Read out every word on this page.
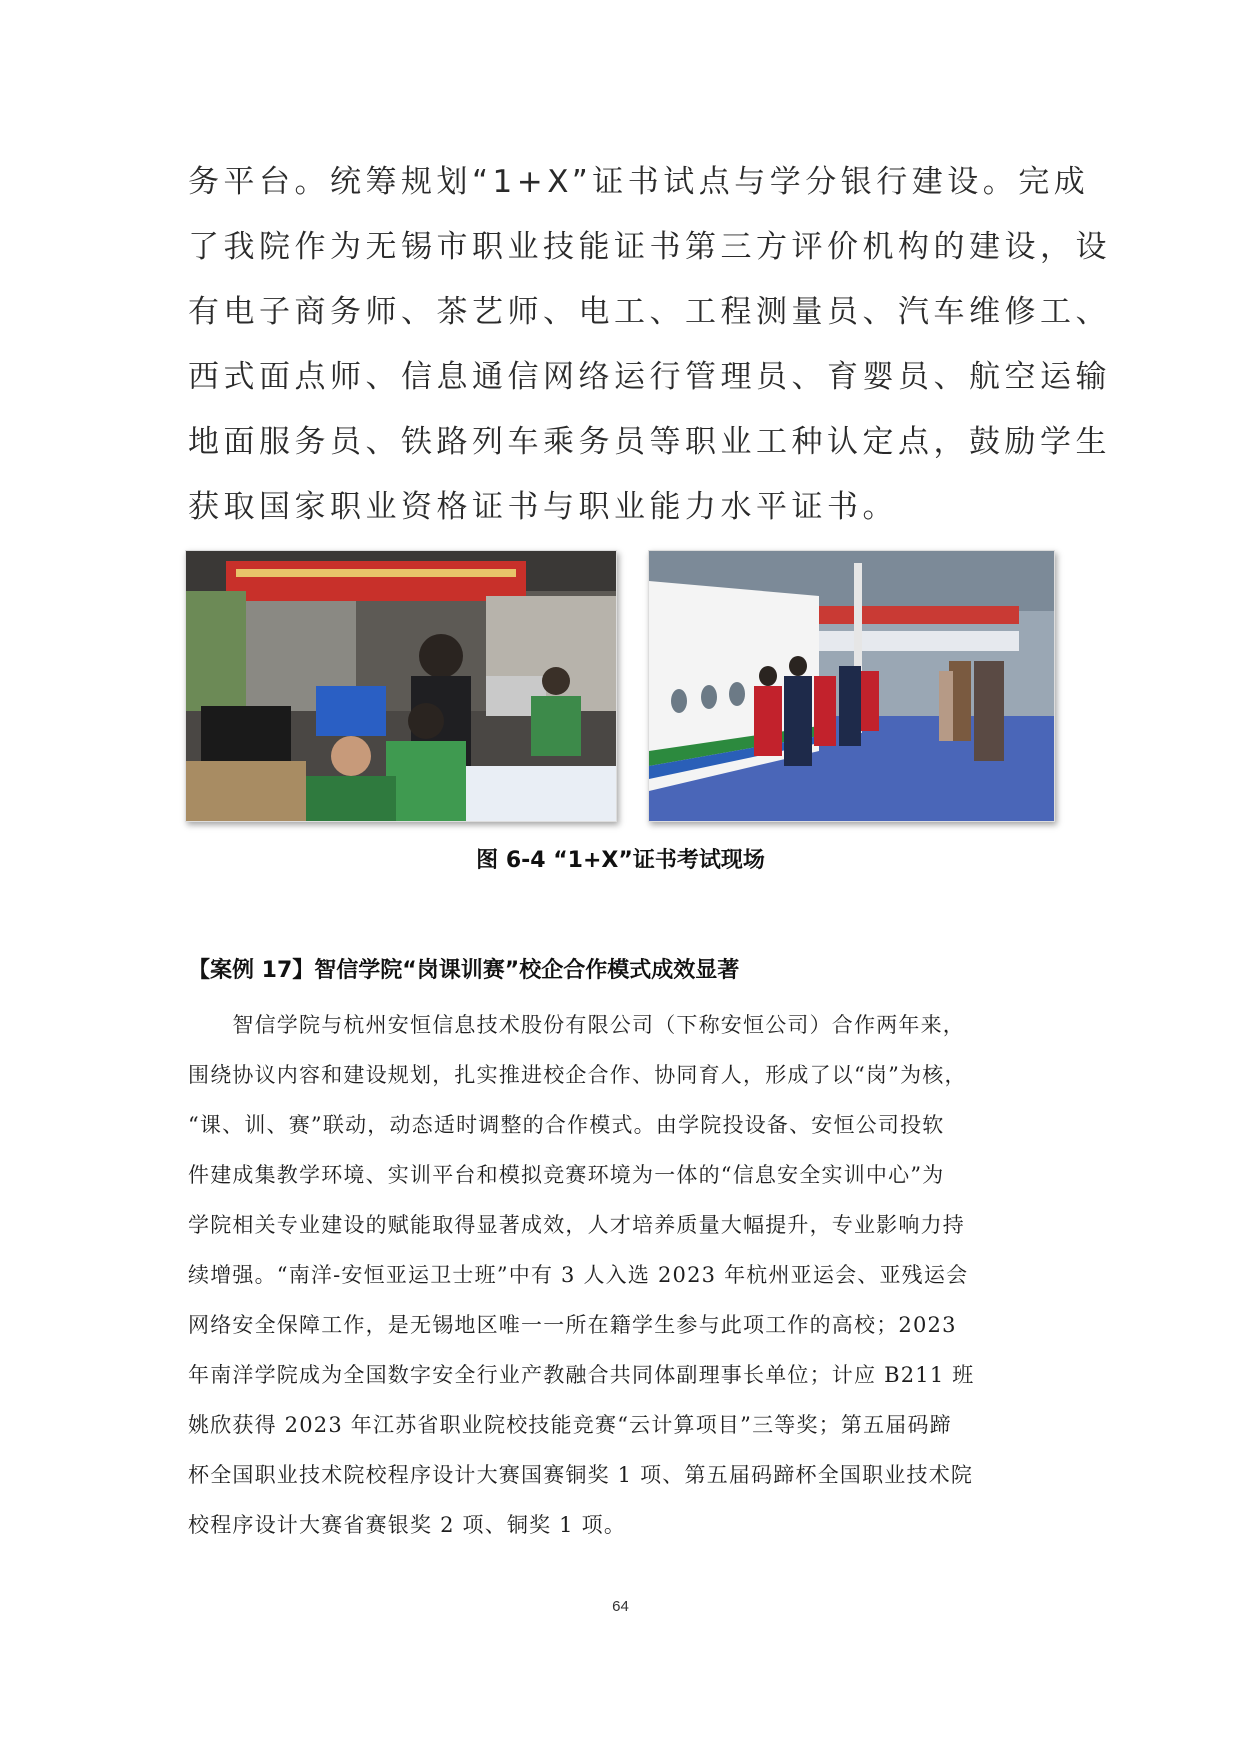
务平台。统筹规划“1+X”证书试点与学分银行建设。完成
了我院作为无锡市职业技能证书第三方评价机构的建设，设
有电子商务师、茶艺师、电工、工程测量员、汽车维修工、
西式面点师、信息通信网络运行管理员、育婴员、航空运输
地面服务员、铁路列车乘务员等职业工种认定点，鼓励学生
获取国家职业资格证书与职业能力水平证书。
图 6-4 “1+X”证书考试现场
【案例 17】智信学院“岗课训赛”校企合作模式成效显著
　　智信学院与杭州安恒信息技术股份有限公司（下称安恒公司）合作两年来，
围绕协议内容和建设规划，扎实推进校企合作、协同育人，形成了以“岗”为核，
“课、训、赛”联动，动态适时调整的合作模式。由学院投设备、安恒公司投软
件建成集教学环境、实训平台和模拟竞赛环境为一体的“信息安全实训中心”为
学院相关专业建设的赋能取得显著成效，人才培养质量大幅提升，专业影响力持
续增强。“南洋-安恒亚运卫士班”中有 3 人入选 2023 年杭州亚运会、亚残运会
网络安全保障工作，是无锡地区唯一一所在籍学生参与此项工作的高校；2023
年南洋学院成为全国数字安全行业产教融合共同体副理事长单位；计应 B211 班
姚欣获得 2023 年江苏省职业院校技能竞赛“云计算项目”三等奖；第五届码蹄
杯全国职业技术院校程序设计大赛国赛铜奖 1 项、第五届码蹄杯全国职业技术院
校程序设计大赛省赛银奖 2 项、铜奖 1 项。
64
